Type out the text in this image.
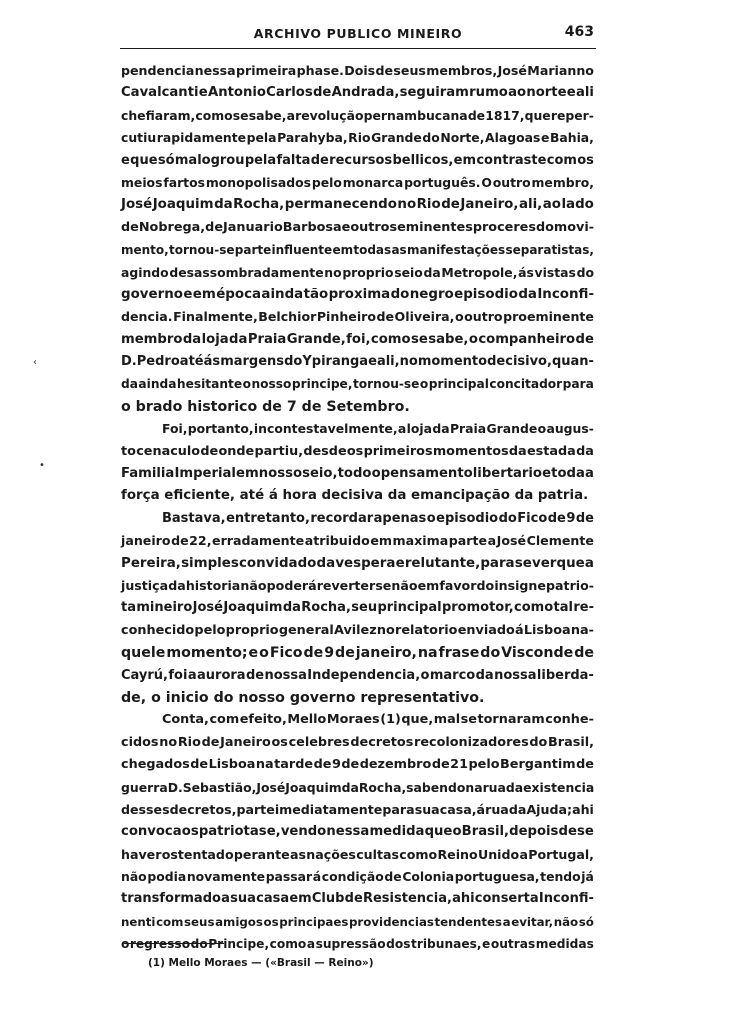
ARCHIVO PUBLICO MINEIRO	463
‹
•
pendencia nessa primeira phase. Dois de seus membros, José Marianno
Cavalcanti e Antonio Carlos de Andrada, seguiram rumo ao norte e ali
chefiaram, como se sabe, a revolução pernambucana de 1817, que reper-
cutiu rapidamente pela Parahyba, Rio Grande do Norte, Alagoas e Bahia,
e que só malogrou pela falta de recursos bellicos, em contraste com os
meios fartos monopolisados pelo monarca português. O outro membro,
José Joaquim da Rocha, permanecendo no Rio de Janeiro, ali, ao lado
de Nobrega, de Januario Barbosa e outros eminentes proceres do movi-
mento, tornou-se parte influente em todas as manifestações separatistas,
agindo desassombradamente no proprio seio da Metropole, ás vistas do
governo e em época ainda tão proxima do negro episodio da Inconfi-
dencia. Finalmente, Belchior Pinheiro de Oliveira, o outro proeminente
membro da loja da Praia Grande, foi, como se sabe, o companheiro de
D. Pedro até ás margens do Ypiranga e ali, no momento decisivo, quan-
da ainda hesitante o nosso principe, tornou-se o principal concitador para
o brado historico de 7 de Setembro.
Foi, portanto, incontestavelmente, a loja da Praia Grande o augus-
to cenaculo de onde partiu, desde os primeiros momentos da estada da
Familia Imperial em nosso seio, todo o pensamento libertario e toda a
força eficiente, até á hora decisiva da emancipação da patria.
Bastava, entretanto, recordar apenas o episodio do Fico de 9 de
janeiro de 22, erradamente atribuido em maxima parte a José Clemente
Pereira, simples convidado da vespera e relutante, para se ver que a
justiça da historia não poderá reverter senão em favor do insigne patrio-
ta mineiro José Joaquim da Rocha, seu principal promotor, como tal re-
conhecido pelo proprio general Avilez no relatorio enviado á Lisboa na-
quele momento; e o Fico de 9 de janeiro, na frase do Visconde de
Cayrú, foi a aurora de nossa Independencia, o marco da nossa liberda-
de, o inicio do nosso governo representativo.
Conta, com efeito, Mello Moraes (1) que, mal se tornaram conhe-
cidos no Rio de Janeiro os celebres decretos recolonizadores do Brasil,
chegados de Lisboa na tarde de 9 de dezembro de 21 pelo Bergantim de
guerra D. Sebastião, José Joaquim da Rocha, sabendo na rua da existencia
desses decretos, parte imediatamente para sua casa, á rua da Ajuda; ahi
convoca os patriotas e, vendo nessa medida que o Brasil, depois de se
haver ostentado perante as nações cultas como Reino Unido a Portugal,
não podia novamente passar á condição de Colonia portuguesa, tendo já
transformado a sua casa em Club de Resistencia, ahi conserta Inconfi-
nenti com seus amigos os principaes providencias tendentes a evitar, não só
o regresso do Principe, como a supressão dos tribunaes, e outras medidas
(1) Mello Moraes — («Brasil — Reino»)
